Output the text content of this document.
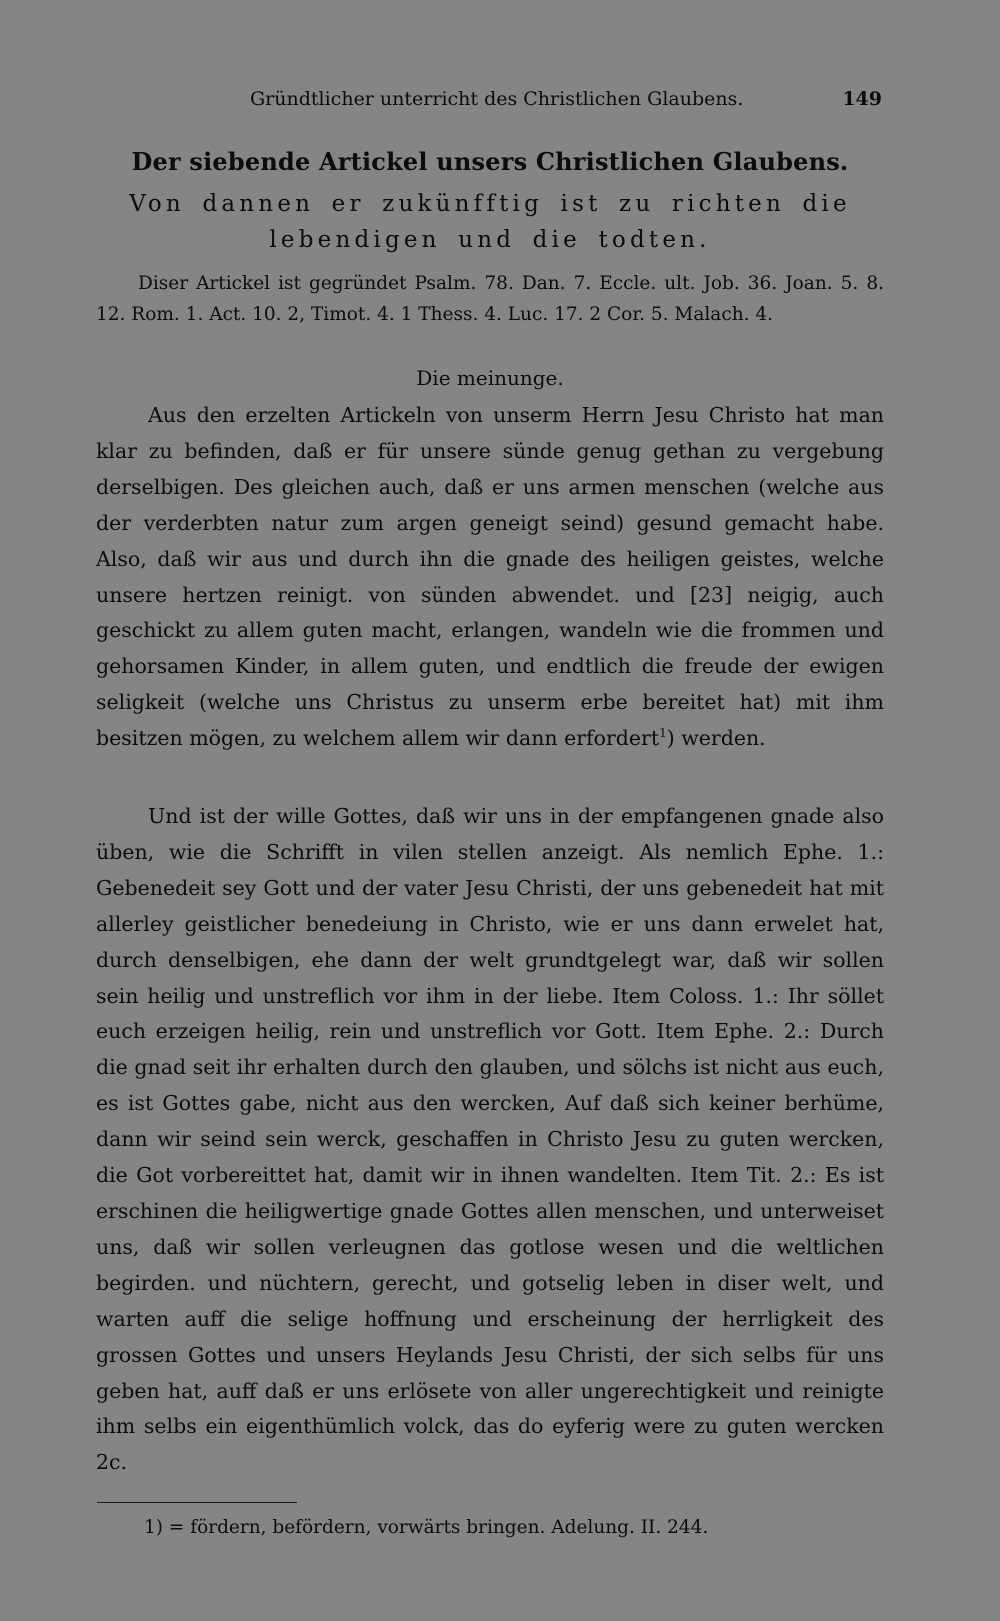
Gründtlicher unterricht des Christlichen Glaubens.	149
Der siebende Artickel unsers Christlichen Glaubens.
Von dannen er zukünfftig ist zu richten die lebendigen und die todten.
Diser Artickel ist gegründet Psalm. 78. Dan. 7. Eccle. ult. Job. 36. Joan. 5. 8. 12. Rom. 1. Act. 10. 2, Timot. 4. 1 Thess. 4. Luc. 17. 2 Cor. 5. Malach. 4.
Die meinunge.
Aus den erzelten Artickeln von unserm Herrn Jesu Christo hat man klar zu befinden, daß er für unsere sünde genug gethan zu vergebung derselbigen. Des gleichen auch, daß er uns armen menschen (welche aus der verderbten natur zum argen geneigt seind) gesund gemacht habe. Also, daß wir aus und durch ihn die gnade des heiligen geistes, welche unsere hertzen reinigt. von sünden abwendet. und [23] neigig, auch geschickt zu allem guten macht, erlangen, wandeln wie die frommen und gehorsamen Kinder, in allem guten, und endtlich die freude der ewigen seligkeit (welche uns Christus zu unserm erbe bereitet hat) mit ihm besitzen mögen, zu welchem allem wir dann erfordert$^1$) werden.
Und ist der wille Gottes, daß wir uns in der empfangenen gnade also üben, wie die Schrifft in vilen stellen anzeigt. Als nemlich Ephe. 1.: Gebenedeit sey Gott und der vater Jesu Christi, der uns gebenedeit hat mit allerley geistlicher benedeiung in Christo, wie er uns dann erwelet hat, durch denselbigen, ehe dann der welt grundtgelegt war, daß wir sollen sein heilig und unstreflich vor ihm in der liebe. Item Coloss. 1.: Ihr söllet euch erzeigen heilig, rein und unstreflich vor Gott. Item Ephe. 2.: Durch die gnad seit ihr erhalten durch den glauben, und sölchs ist nicht aus euch, es ist Gottes gabe, nicht aus den wercken, Auf daß sich keiner berhüme, dann wir seind sein werck, geschaffen in Christo Jesu zu guten wercken, die Got vorbereittet hat, damit wir in ihnen wandelten. Item Tit. 2.: Es ist erschinen die heiligwertige gnade Gottes allen menschen, und unterweiset uns, daß wir sollen verleugnen das gotlose wesen und die weltlichen begirden. und nüchtern, gerecht, und gotselig leben in diser welt, und warten auff die selige hoffnung und erscheinung der herrligkeit des grossen Gottes und unsers Heylands Jesu Christi, der sich selbs für uns geben hat, auff daß er uns erlösete von aller ungerechtigkeit und reinigte ihm selbs ein eigenthümlich volck, das do eyferig were zu guten wercken 2c.
1) = fördern, befördern, vorwärts bringen. Adelung. II. 244.
